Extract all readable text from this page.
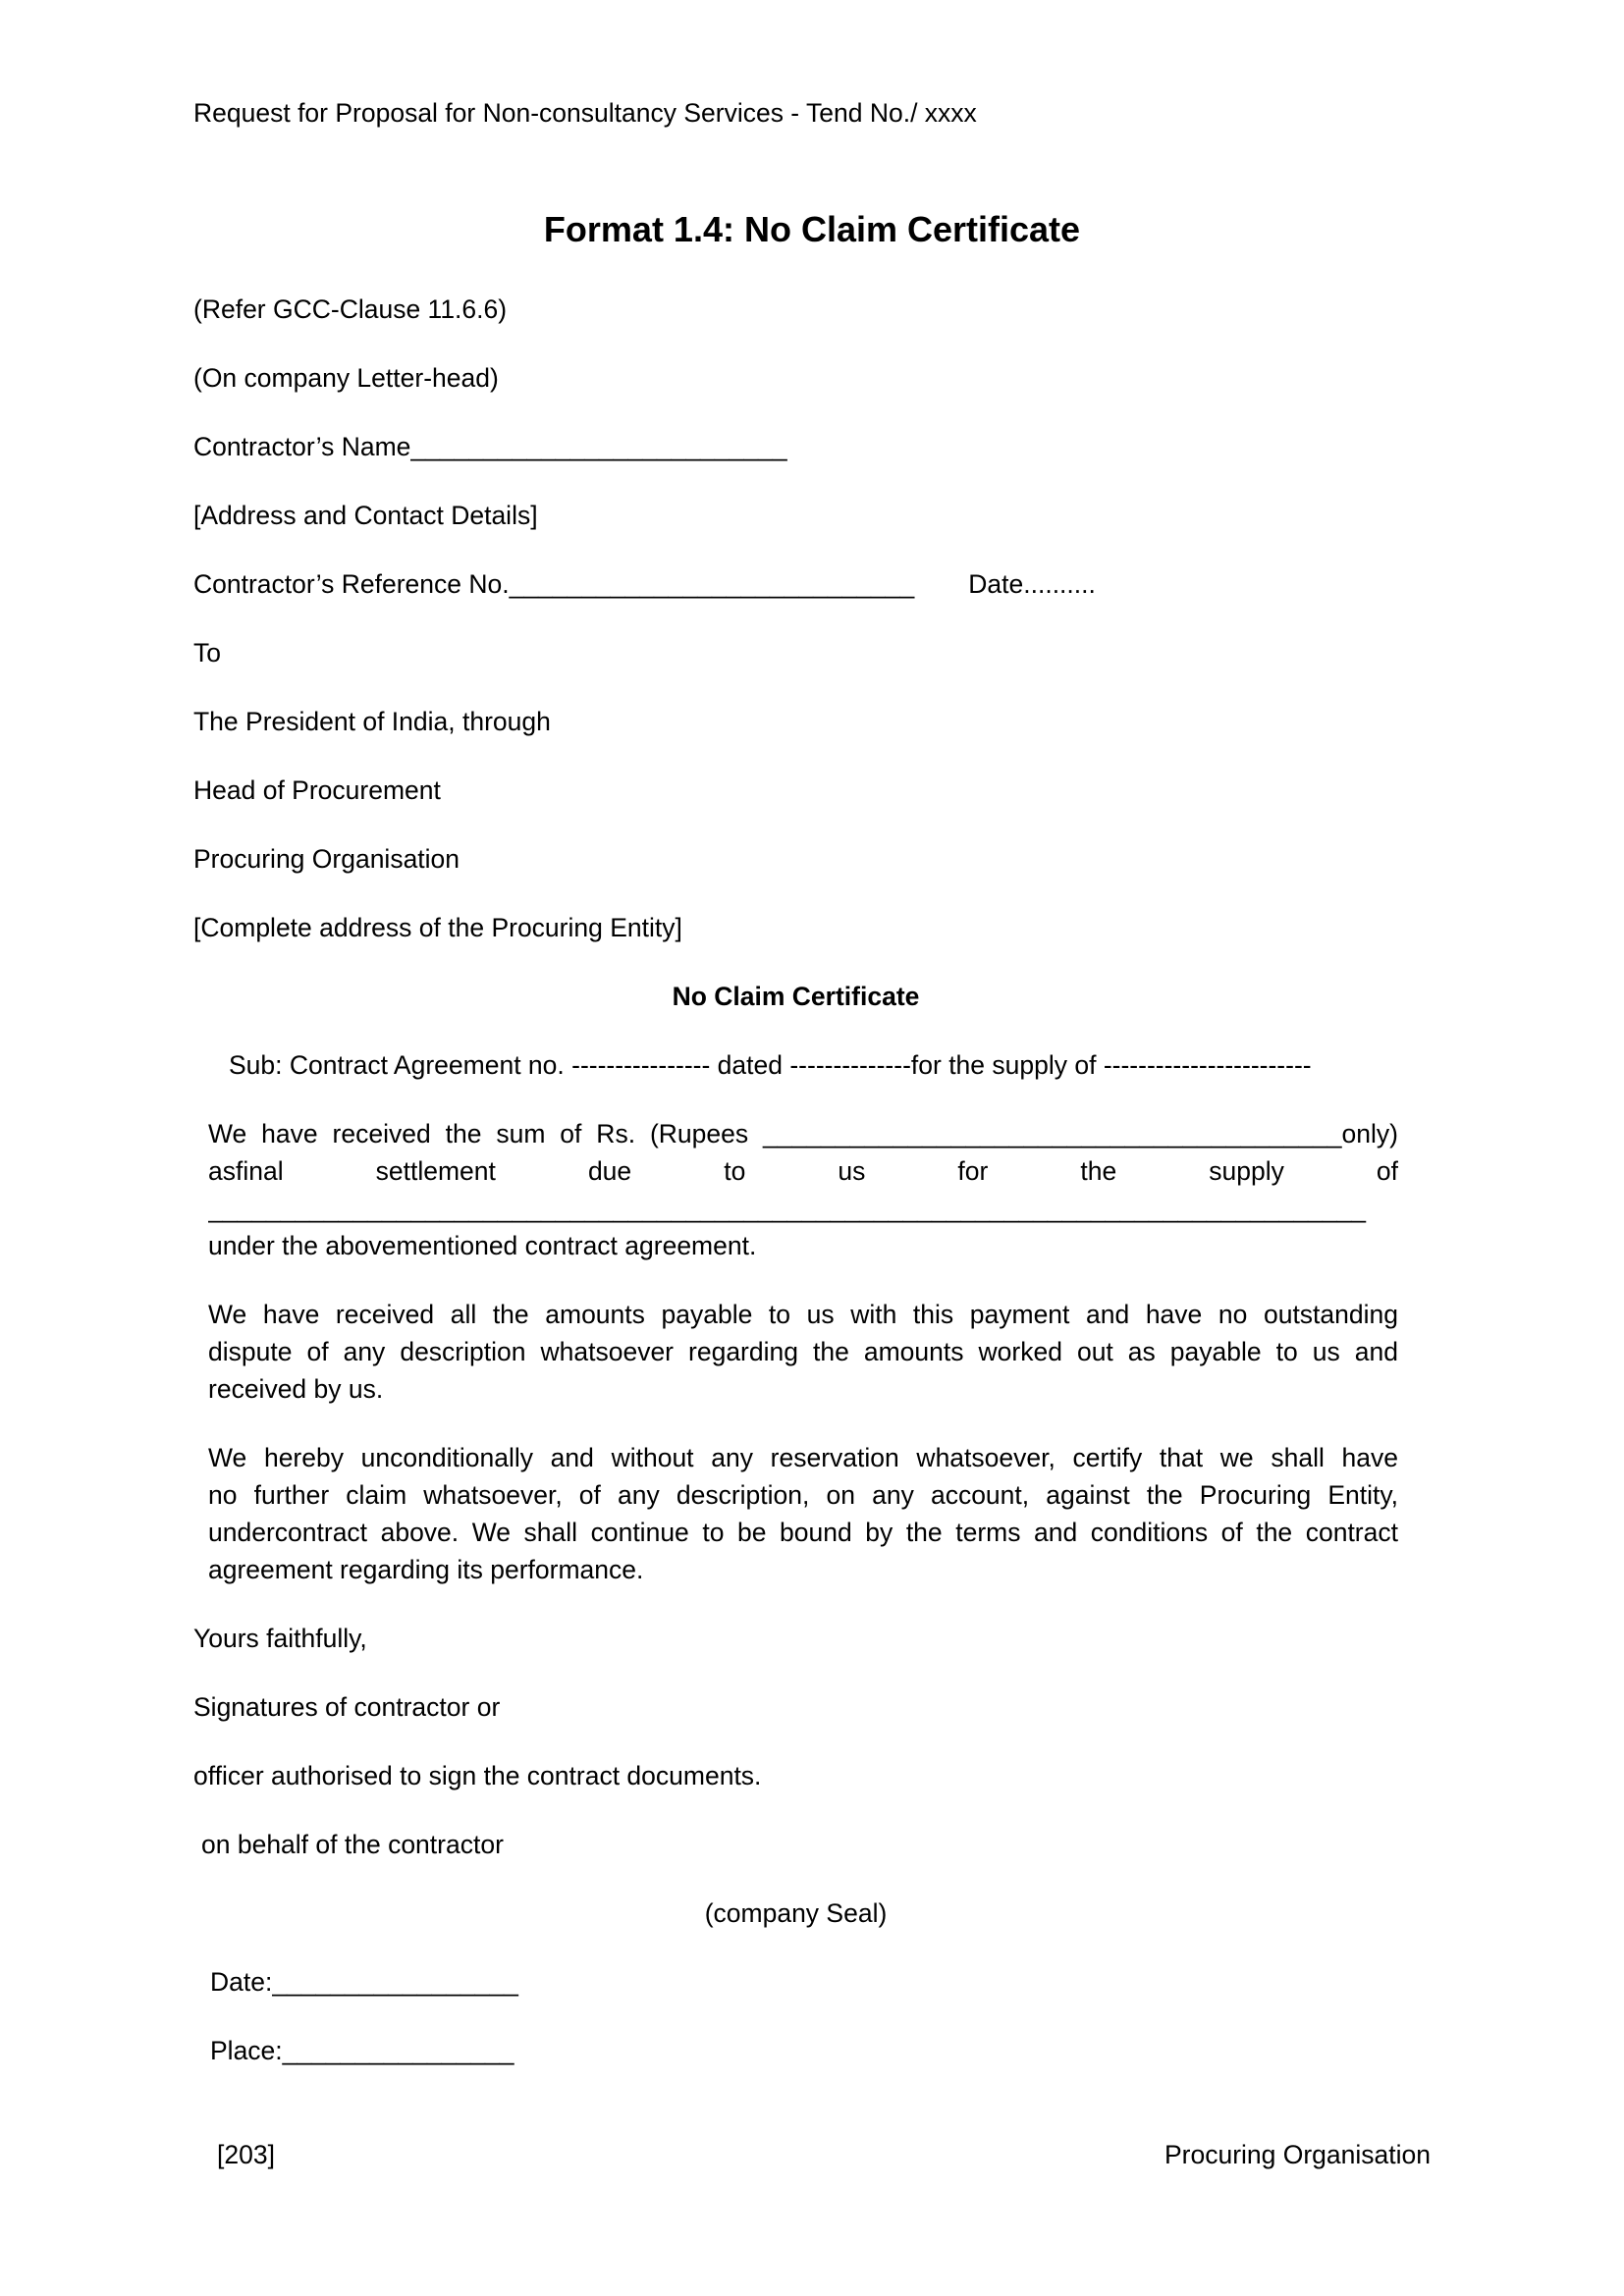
Request for Proposal for Non-consultancy Services - Tend No./ xxxx
Format 1.4: No Claim Certificate

(Refer GCC-Clause 11.6.6)

(On company Letter-head)

Contractor’s Name__________________________

[Address and Contact Details]

Contractor’s Reference No.____________________________ Date..........

To

The President of India, through

Head of Procurement

Procuring Organisation

[Complete address of the Procuring Entity]

No Claim Certificate

Sub: Contract Agreement no. ---------------- dated --------------for the supply of ------------------------

We have received the sum of Rs. (Rupees ________________________________________only)
asfinal settlement due to us for the supply of
________________________________________________________________________________
under the abovementioned contract agreement.
We have received all the amounts payable to us with this payment and have no outstanding
dispute of any description whatsoever regarding the amounts worked out as payable to us and
received by us.
We hereby unconditionally and without any reservation whatsoever, certify that we shall have
no further claim whatsoever, of any description, on any account, against the Procuring Entity,
undercontract above. We shall continue to be bound by the terms and conditions of the contract
agreement regarding its performance.

Yours faithfully,

Signatures of contractor or

officer authorised to sign the contract documents.

on behalf of the contractor

(company Seal)

Date:_________________

Place:________________

[203]	Procuring Organisation
